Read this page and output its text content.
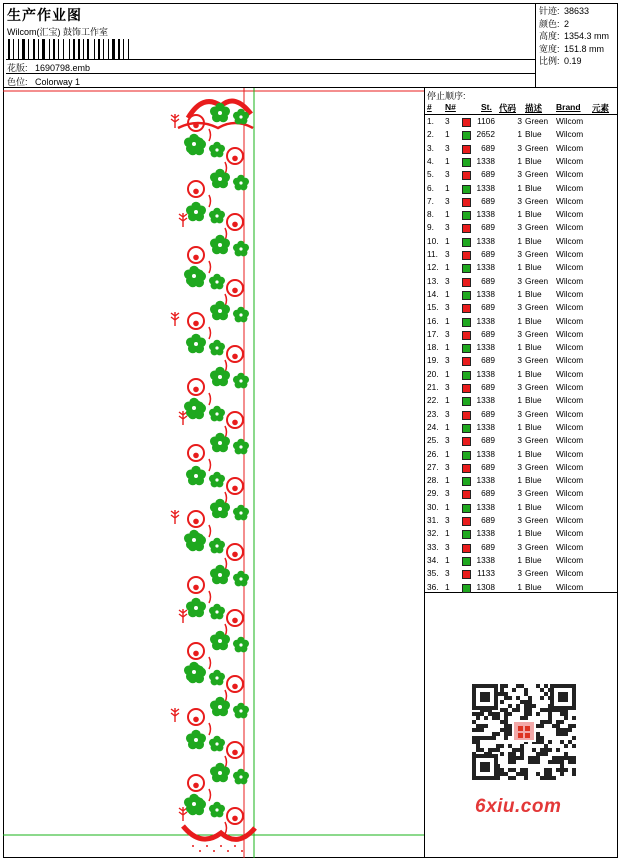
生产作业图
Wilcom(汇宝) 鼓饰工作室
花版: 1690798.emb
色位: Colorway 1
针迹: 38633
颜色: 2
高度: 1354.3 mm
宽度: 151.8 mm
比例: 0.19
停止顺序:
# N#	St. 代码 描述 Brand 元素
1. 3	1106	3 Green Wilcom
2. 1	2652	1 Blue Wilcom
3. 3	689	3 Green Wilcom
4. 1	1338	1 Blue Wilcom
5. 3	689	3 Green Wilcom
6. 1	1338	1 Blue Wilcom
7. 3	689	3 Green Wilcom
8. 1	1338	1 Blue Wilcom
9. 3	689	3 Green Wilcom
10. 1	1338	1 Blue Wilcom
11. 3	689	3 Green Wilcom
12. 1	1338	1 Blue Wilcom
13. 3	689	3 Green Wilcom
14. 1	1338	1 Blue Wilcom
15. 3	689	3 Green Wilcom
16. 1	1338	1 Blue Wilcom
17. 3	689	3 Green Wilcom
18. 1	1338	1 Blue Wilcom
19. 3	689	3 Green Wilcom
20. 1	1338	1 Blue Wilcom
21. 3	689	3 Green Wilcom
22. 1	1338	1 Blue Wilcom
23. 3	689	3 Green Wilcom
24. 1	1338	1 Blue Wilcom
25. 3	689	3 Green Wilcom
26. 1	1338	1 Blue Wilcom
27. 3	689	3 Green Wilcom
28. 1	1338	1 Blue Wilcom
29. 3	689	3 Green Wilcom
30. 1	1338	1 Blue Wilcom
31. 3	689	3 Green Wilcom
32. 1	1338	1 Blue Wilcom
33. 3	689	3 Green Wilcom
34. 1	1338	1 Blue Wilcom
35. 3	1133	3 Green Wilcom
36. 1	1308	1 Blue Wilcom
6xiu.com
